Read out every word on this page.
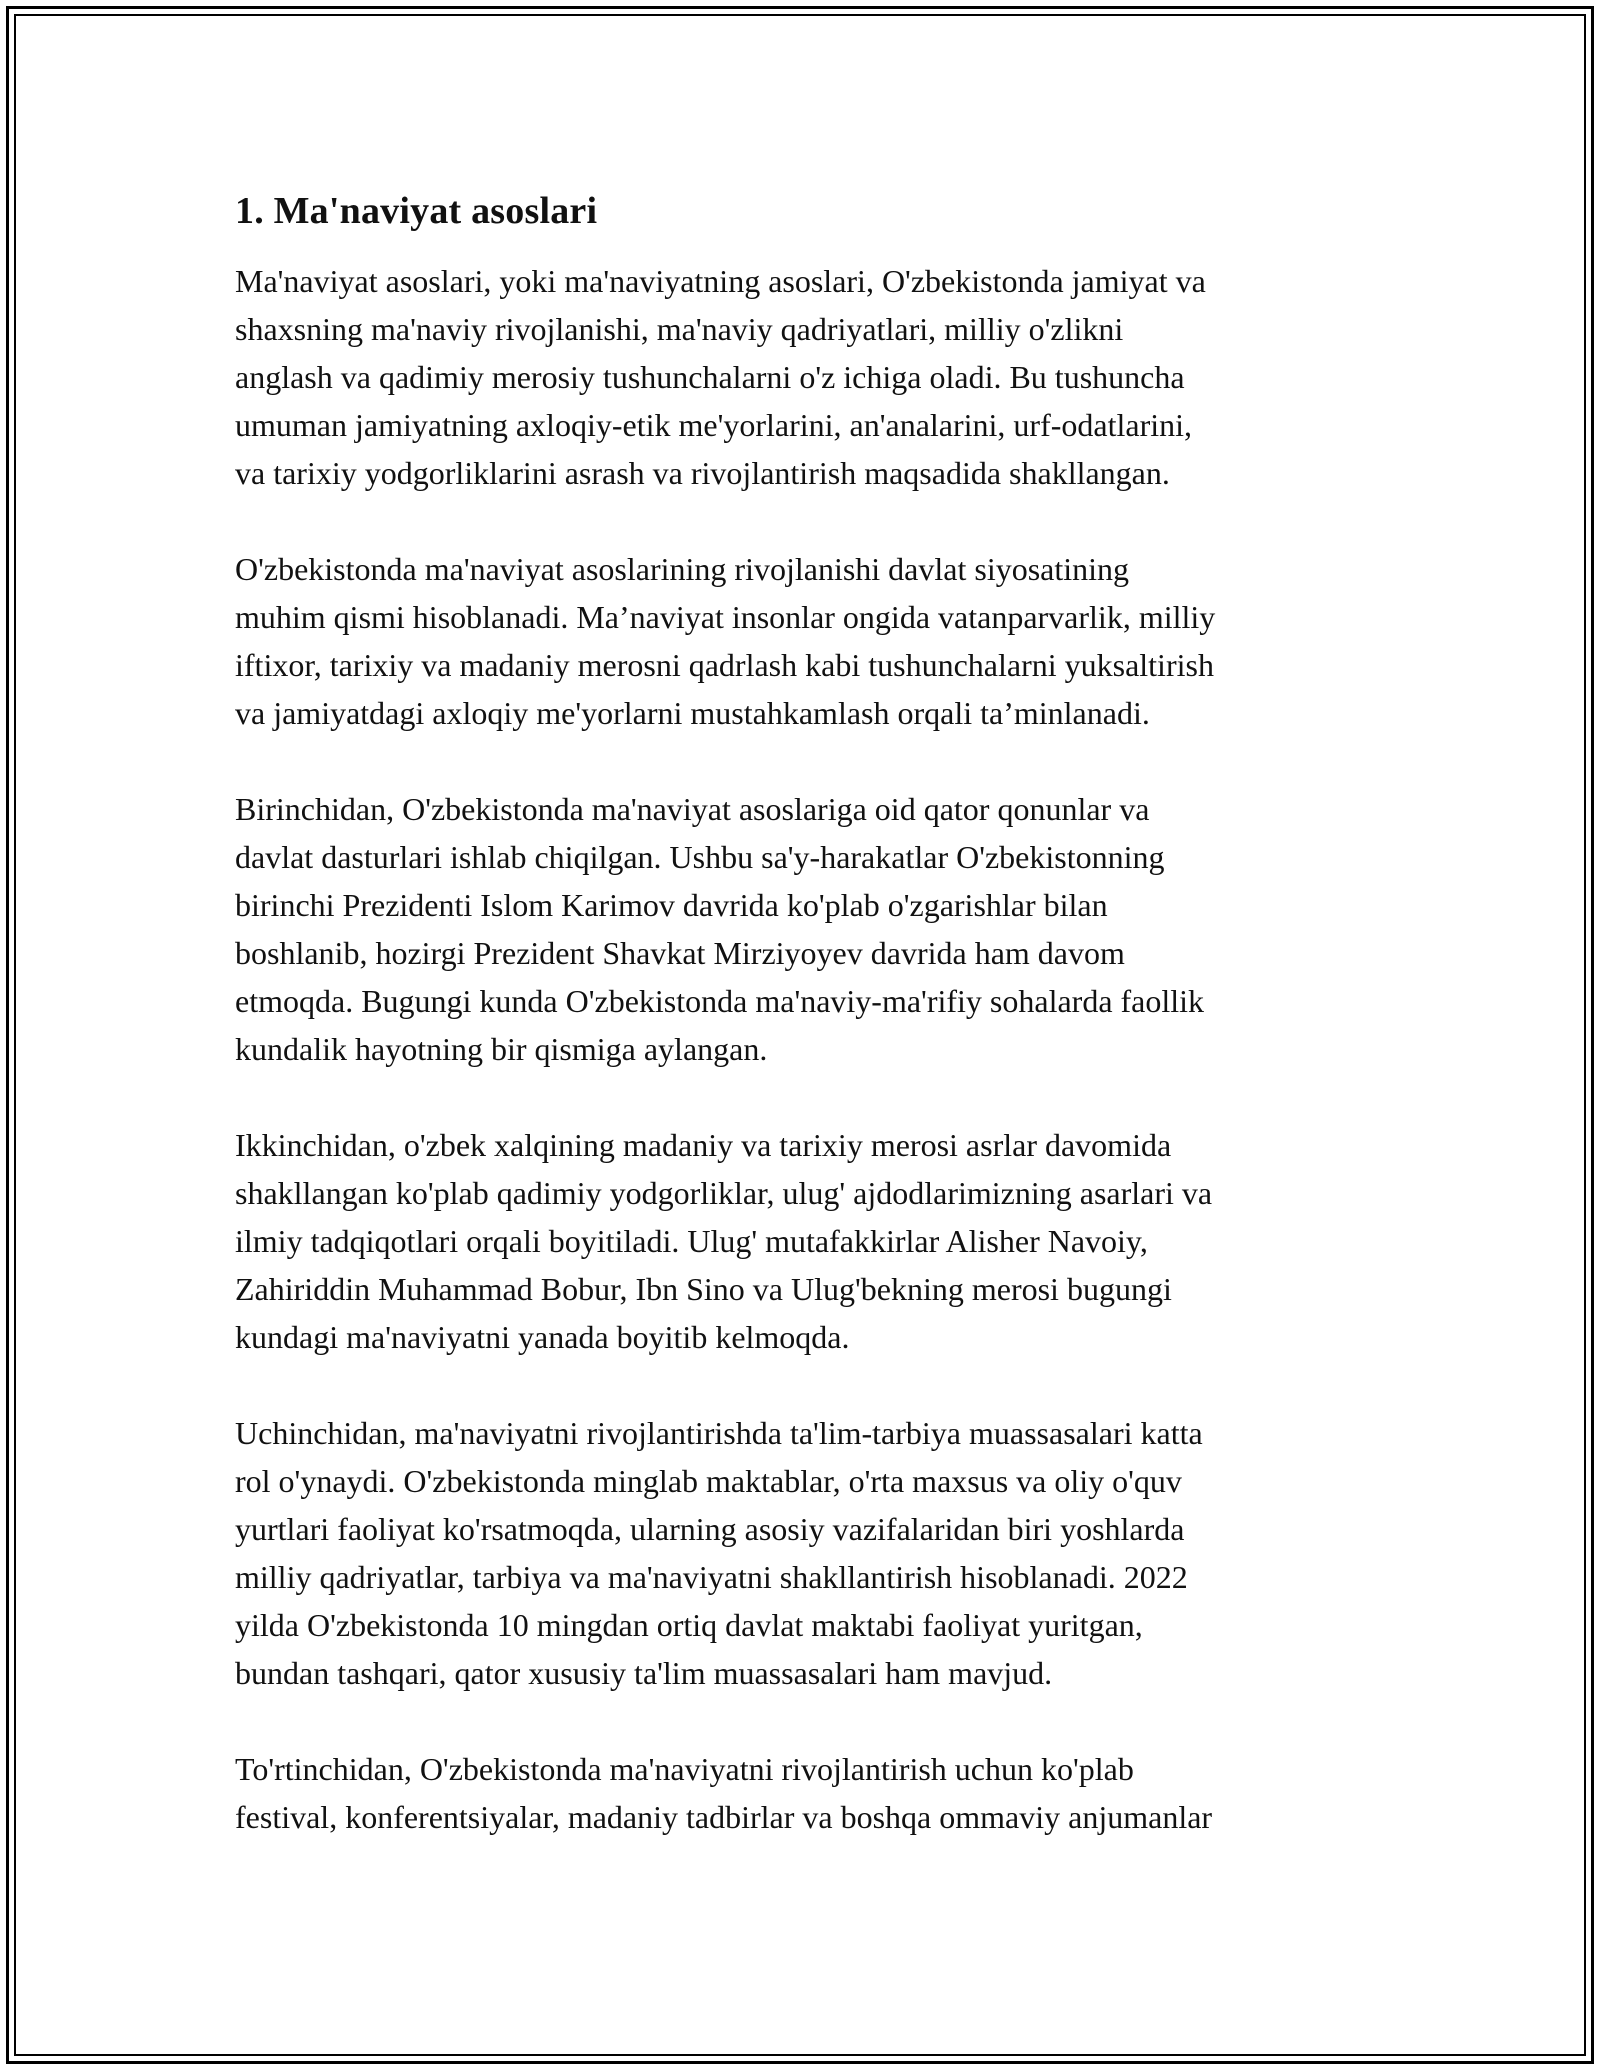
1. Ma'naviyat asoslari

Ma'naviyat asoslari, yoki ma'naviyatning asoslari, O'zbekistonda jamiyat va
shaxsning ma'naviy rivojlanishi, ma'naviy qadriyatlari, milliy o'zlikni
anglash va qadimiy merosiy tushunchalarni o'z ichiga oladi. Bu tushuncha
umuman jamiyatning axloqiy-etik me'yorlarini, an'analarini, urf-odatlarini,
va tarixiy yodgorliklarini asrash va rivojlantirish maqsadida shakllangan.

O'zbekistonda ma'naviyat asoslarining rivojlanishi davlat siyosatining
muhim qismi hisoblanadi. Ma’naviyat insonlar ongida vatanparvarlik, milliy
iftixor, tarixiy va madaniy merosni qadrlash kabi tushunchalarni yuksaltirish
va jamiyatdagi axloqiy me'yorlarni mustahkamlash orqali ta’minlanadi.

Birinchidan, O'zbekistonda ma'naviyat asoslariga oid qator qonunlar va
davlat dasturlari ishlab chiqilgan. Ushbu sa'y-harakatlar O'zbekistonning
birinchi Prezidenti Islom Karimov davrida ko'plab o'zgarishlar bilan
boshlanib, hozirgi Prezident Shavkat Mirziyoyev davrida ham davom
etmoqda. Bugungi kunda O'zbekistonda ma'naviy-ma'rifiy sohalarda faollik
kundalik hayotning bir qismiga aylangan.

Ikkinchidan, o'zbek xalqining madaniy va tarixiy merosi asrlar davomida
shakllangan ko'plab qadimiy yodgorliklar, ulug' ajdodlarimizning asarlari va
ilmiy tadqiqotlari orqali boyitiladi. Ulug' mutafakkirlar Alisher Navoiy,
Zahiriddin Muhammad Bobur, Ibn Sino va Ulug'bekning merosi bugungi
kundagi ma'naviyatni yanada boyitib kelmoqda.

Uchinchidan, ma'naviyatni rivojlantirishda ta'lim-tarbiya muassasalari katta
rol o'ynaydi. O'zbekistonda minglab maktablar, o'rta maxsus va oliy o'quv
yurtlari faoliyat ko'rsatmoqda, ularning asosiy vazifalaridan biri yoshlarda
milliy qadriyatlar, tarbiya va ma'naviyatni shakllantirish hisoblanadi. 2022
yilda O'zbekistonda 10 mingdan ortiq davlat maktabi faoliyat yuritgan,
bundan tashqari, qator xususiy ta'lim muassasalari ham mavjud.

To'rtinchidan, O'zbekistonda ma'naviyatni rivojlantirish uchun ko'plab
festival, konferentsiyalar, madaniy tadbirlar va boshqa ommaviy anjumanlar
